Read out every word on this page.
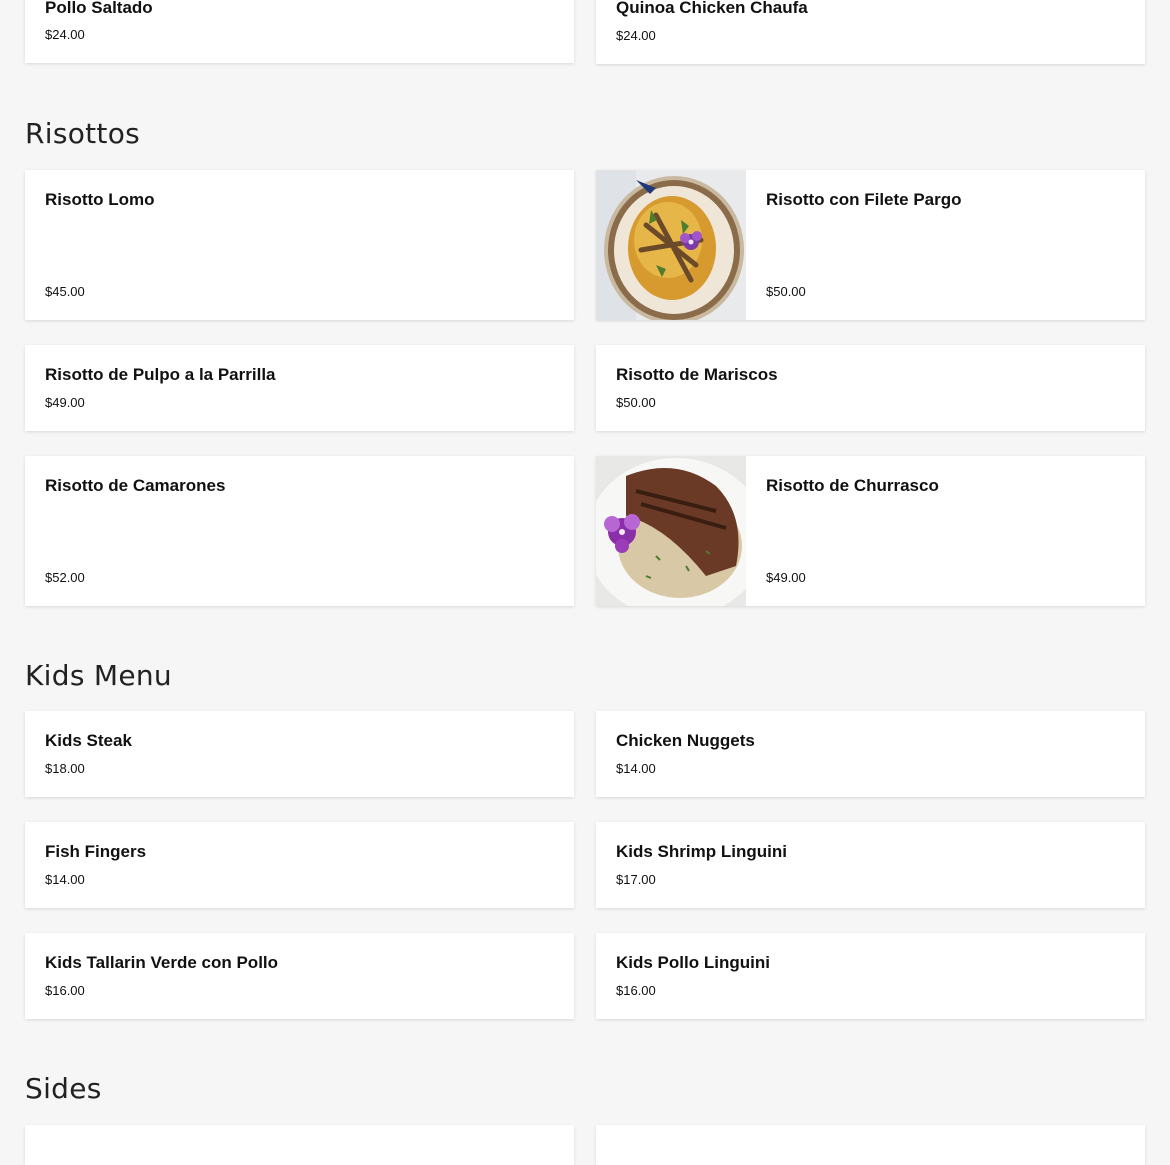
Pollo Saltado
$24.00
Quinoa Chicken Chaufa
$24.00
Risottos
Risotto Lomo
$45.00
Risotto con Filete Pargo
$50.00
Risotto de Pulpo a la Parrilla
$49.00
Risotto de Mariscos
$50.00
Risotto de Camarones
$52.00
Risotto de Churrasco
$49.00
Kids Menu
Kids Steak
$18.00
Chicken Nuggets
$14.00
Fish Fingers
$14.00
Kids Shrimp Linguini
$17.00
Kids Tallarin Verde con Pollo
$16.00
Kids Pollo Linguini
$16.00
Sides
